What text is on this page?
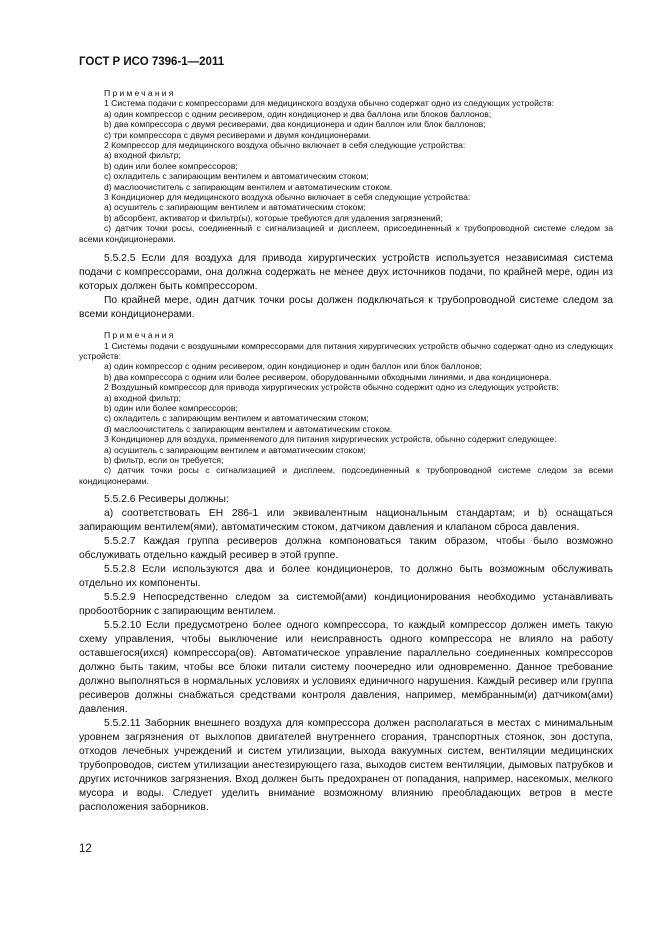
ГОСТ Р ИСО 7396-1—2011

Примечания

1 Система подачи с компрессорами для медицинского воздуха обычно содержат одно из следующих устройств:

a) один компрессор с одним ресивером, один кондиционер и два баллона или блоков баллонов;

b) два компрессора с двумя ресиверами, два кондиционера и один баллон или блок баллонов;

c) три компрессора с двумя ресиверами и двумя кондиционерами.

2 Компрессор для медицинского воздуха обычно включает в себя следующие устройства:

a) входной фильтр;

b) один или более компрессоров;

c) охладитель с запирающим вентилем и автоматическим стоком;

d) маслоочиститель с запирающим вентилем и автоматическим стоком.

3 Кондиционер для медицинского воздуха обычно включает в себя следующие устройства:

a) осушитель с запирающим вентилем и автоматическим стоком;

b) абсорбент, активатор и фильтр(ы), которые требуются для удаления загрязнений;

c) датчик точки росы, соединенный с сигнализацией и дисплеем, присоединенный к трубопроводной системе следом за всеми кондиционерами.

5.5.2.5 Если для воздуха для привода хирургических устройств используется независимая система подачи с компрессорами, она должна содержать не менее двух источников подачи, по крайней мере, один из которых должен быть компрессором.

По крайней мере, один датчик точки росы должен подключаться к трубопроводной системе следом за всеми кондиционерами.

Примечания

1 Системы подачи с воздушными компрессорами для питания хирургических устройств обычно содержат одно из следующих устройств:

a) один компрессор с одним ресивером, один кондиционер и один баллон или блок баллонов;

b) два компрессора с одним или более ресивером, оборудованными обходными линиями, и два кондиционера.

2 Воздушный компрессор для привода хирургических устройств обычно содержит одно из следующих устройств:

a) входной фильтр;

b) один или более компрессоров;

c) охладитель с запирающим вентилем и автоматическим стоком;

d) маслоочиститель с запирающим вентилем и автоматическим стоком.

3 Кондиционер для воздуха, применяемого для питания хирургических устройств, обычно содержит следующее:

a) осушитель с запирающим вентилем и автоматическим стоком;

b) фильтр, если он требуется;

c) датчик точки росы с сигнализацией и дисплеем, подсоединенный к трубопроводной системе следом за всеми кондиционерами.

5.5.2.6 Ресиверы должны:

a) соответствовать ЕН 286-1 или эквивалентным национальным стандартам; и b) оснащаться запирающим вентилем(ями), автоматическим стоком, датчиком давления и клапаном сброса давления.

5.5.2.7 Каждая группа ресиверов должна компоноваться таким образом, чтобы было возможно обслуживать отдельно каждый ресивер в этой группе.

5.5.2.8 Если используются два и более кондиционеров, то должно быть возможным обслуживать отдельно их компоненты.

5.5.2.9 Непосредственно следом за системой(ами) кондиционирования необходимо устанавливать пробоотборник с запирающим вентилем.

5.5.2.10 Если предусмотрено более одного компрессора, то каждый компрессор должен иметь такую схему управления, чтобы выключение или неисправность одного компрессора не влияло на работу оставшегося(ихся) компрессора(ов). Автоматическое управление параллельно соединенных компрессоров должно быть таким, чтобы все блоки питали систему поочередно или одновременно. Данное требование должно выполняться в нормальных условиях и условиях единичного нарушения. Каждый ресивер или группа ресиверов должны снабжаться средствами контроля давления, например, мембранным(и) датчиком(ами) давления.

5.5.2.11 Заборник внешнего воздуха для компрессора должен располагаться в местах с минимальным уровнем загрязнения от выхлопов двигателей внутреннего сгорания, транспортных стоянок, зон доступа, отходов лечебных учреждений и систем утилизации, выхода вакуумных систем, вентиляции медицинских трубопроводов, систем утилизации анестезирующего газа, выходов систем вентиляции, дымовых патрубков и других источников загрязнения. Вход должен быть предохранен от попадания, например, насекомых, мелкого мусора и воды. Следует уделить внимание возможному влиянию преобладающих ветров в месте расположения заборников.

12
